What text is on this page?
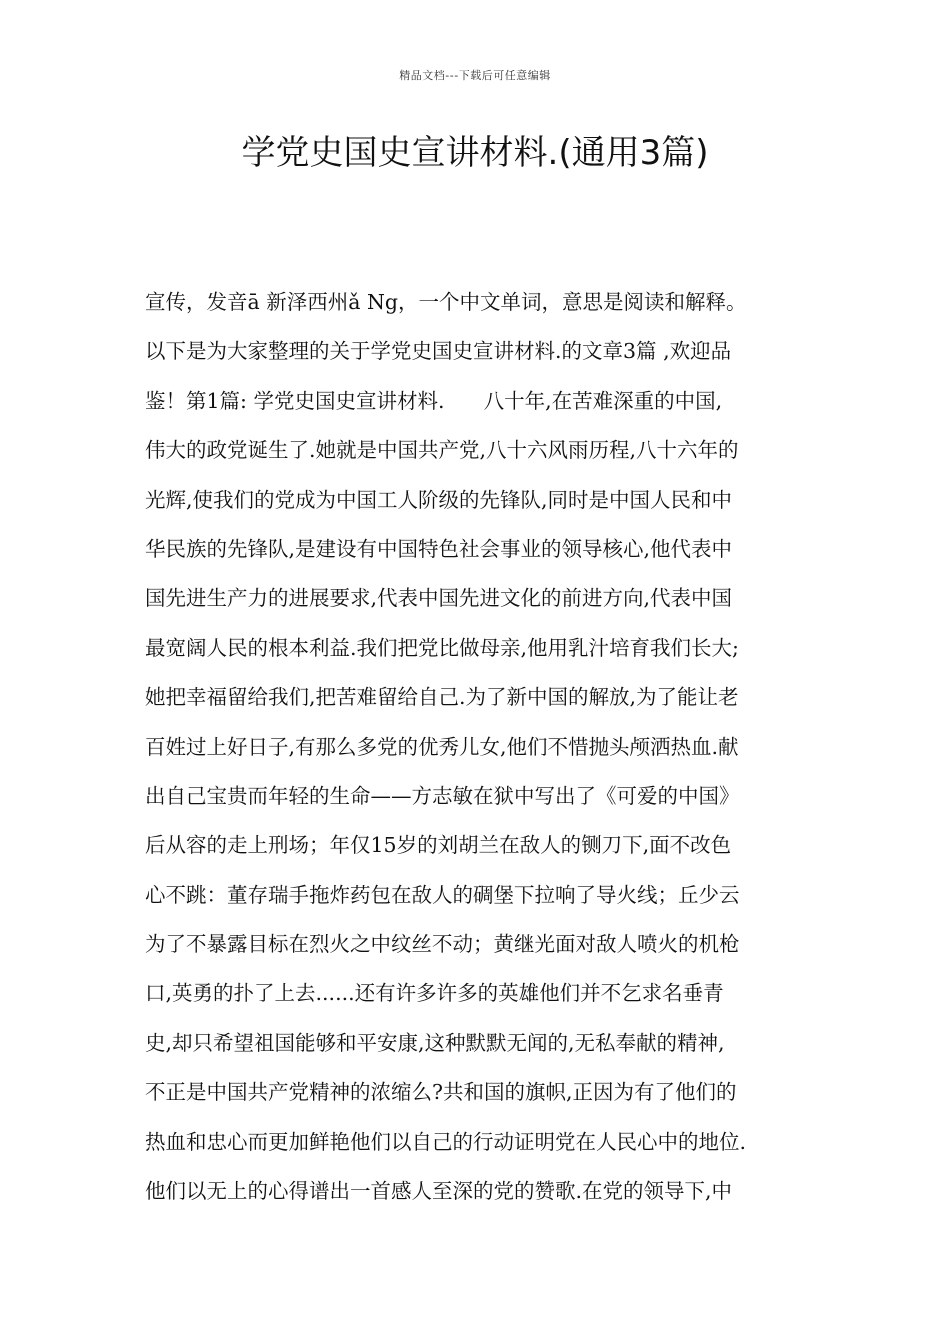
精品文档---下载后可任意编辑
学党史国史宣讲材料.(通用3篇)
宣传，发音ā 新泽西州ǎ Ng，一个中文单词，意思是阅读和解释。
以下是为大家整理的关于学党史国史宣讲材料.的文章3篇 ,欢迎品
鉴！第1篇: 学党史国史宣讲材料.      八十年,在苦难深重的中国,
伟大的政党诞生了.她就是中国共产党,八十六风雨历程,八十六年的
光辉,使我们的党成为中国工人阶级的先锋队,同时是中国人民和中
华民族的先锋队,是建设有中国特色社会事业的领导核心,他代表中
国先进生产力的进展要求,代表中国先进文化的前进方向,代表中国
最宽阔人民的根本利益.我们把党比做母亲,他用乳汁培育我们长大;
她把幸福留给我们,把苦难留给自己.为了新中国的解放,为了能让老
百姓过上好日子,有那么多党的优秀儿女,他们不惜抛头颅洒热血.献
出自己宝贵而年轻的生命——方志敏在狱中写出了《可爱的中国》
后从容的走上刑场；年仅15岁的刘胡兰在敌人的铡刀下,面不改色
心不跳：董存瑞手拖炸药包在敌人的碉堡下拉响了导火线；丘少云
为了不暴露目标在烈火之中纹丝不动；黄继光面对敌人喷火的机枪
口,英勇的扑了上去......还有许多许多的英雄他们并不乞求名垂青
史,却只希望祖国能够和平安康,这种默默无闻的,无私奉献的精神,
不正是中国共产党精神的浓缩么?共和国的旗帜,正因为有了他们的
热血和忠心而更加鲜艳他们以自己的行动证明党在人民心中的地位.
他们以无上的心得谱出一首感人至深的党的赞歌.在党的领导下,中
